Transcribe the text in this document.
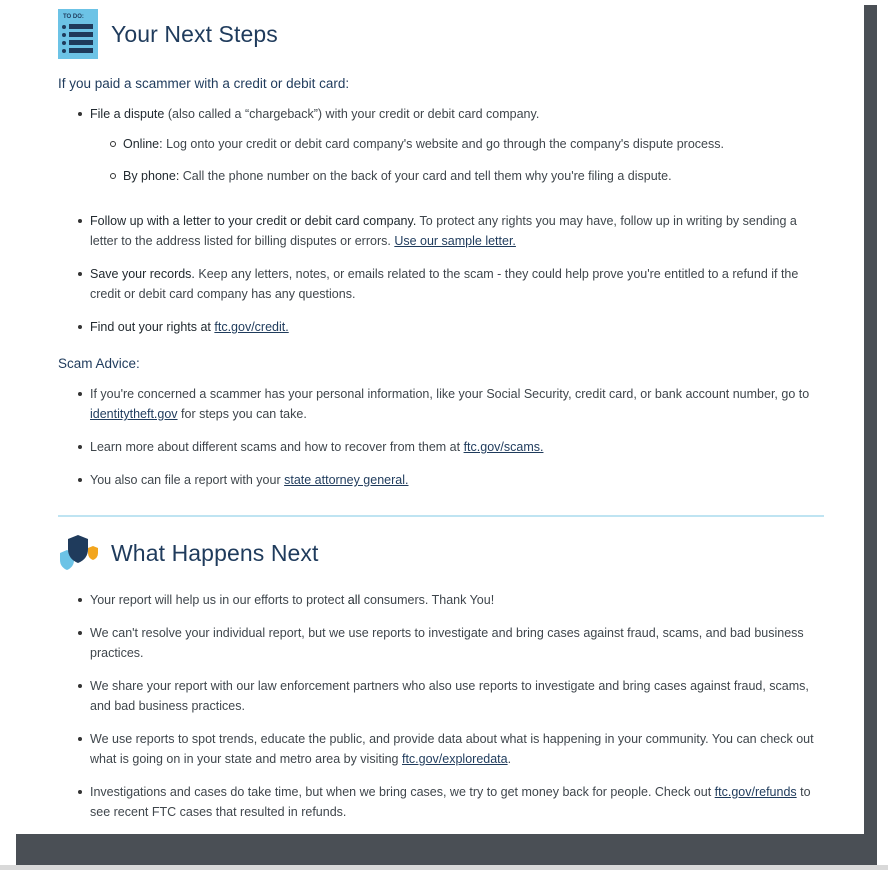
TO DO:
Your Next Steps
If you paid a scammer with a credit or debit card:
File a dispute (also called a “chargeback”) with your credit or debit card company.
Online: Log onto your credit or debit card company's website and go through the company's dispute process.
By phone: Call the phone number on the back of your card and tell them why you're filing a dispute.
Follow up with a letter to your credit or debit card company. To protect any rights you may have, follow up in writing by sending a letter to the address listed for billing disputes or errors. Use our sample letter.
Save your records. Keep any letters, notes, or emails related to the scam - they could help prove you're entitled to a refund if the credit or debit card company has any questions.
Find out your rights at ftc.gov/credit.
Scam Advice:
If you're concerned a scammer has your personal information, like your Social Security, credit card, or bank account number, go to identitytheft.gov for steps you can take.
Learn more about different scams and how to recover from them at ftc.gov/scams.
You also can file a report with your state attorney general.
What Happens Next
Your report will help us in our efforts to protect all consumers. Thank You!
We can't resolve your individual report, but we use reports to investigate and bring cases against fraud, scams, and bad business practices.
We share your report with our law enforcement partners who also use reports to investigate and bring cases against fraud, scams, and bad business practices.
We use reports to spot trends, educate the public, and provide data about what is happening in your community. You can check out what is going on in your state and metro area by visiting ftc.gov/exploredata.
Investigations and cases do take time, but when we bring cases, we try to get money back for people. Check out ftc.gov/refunds to see recent FTC cases that resulted in refunds.
